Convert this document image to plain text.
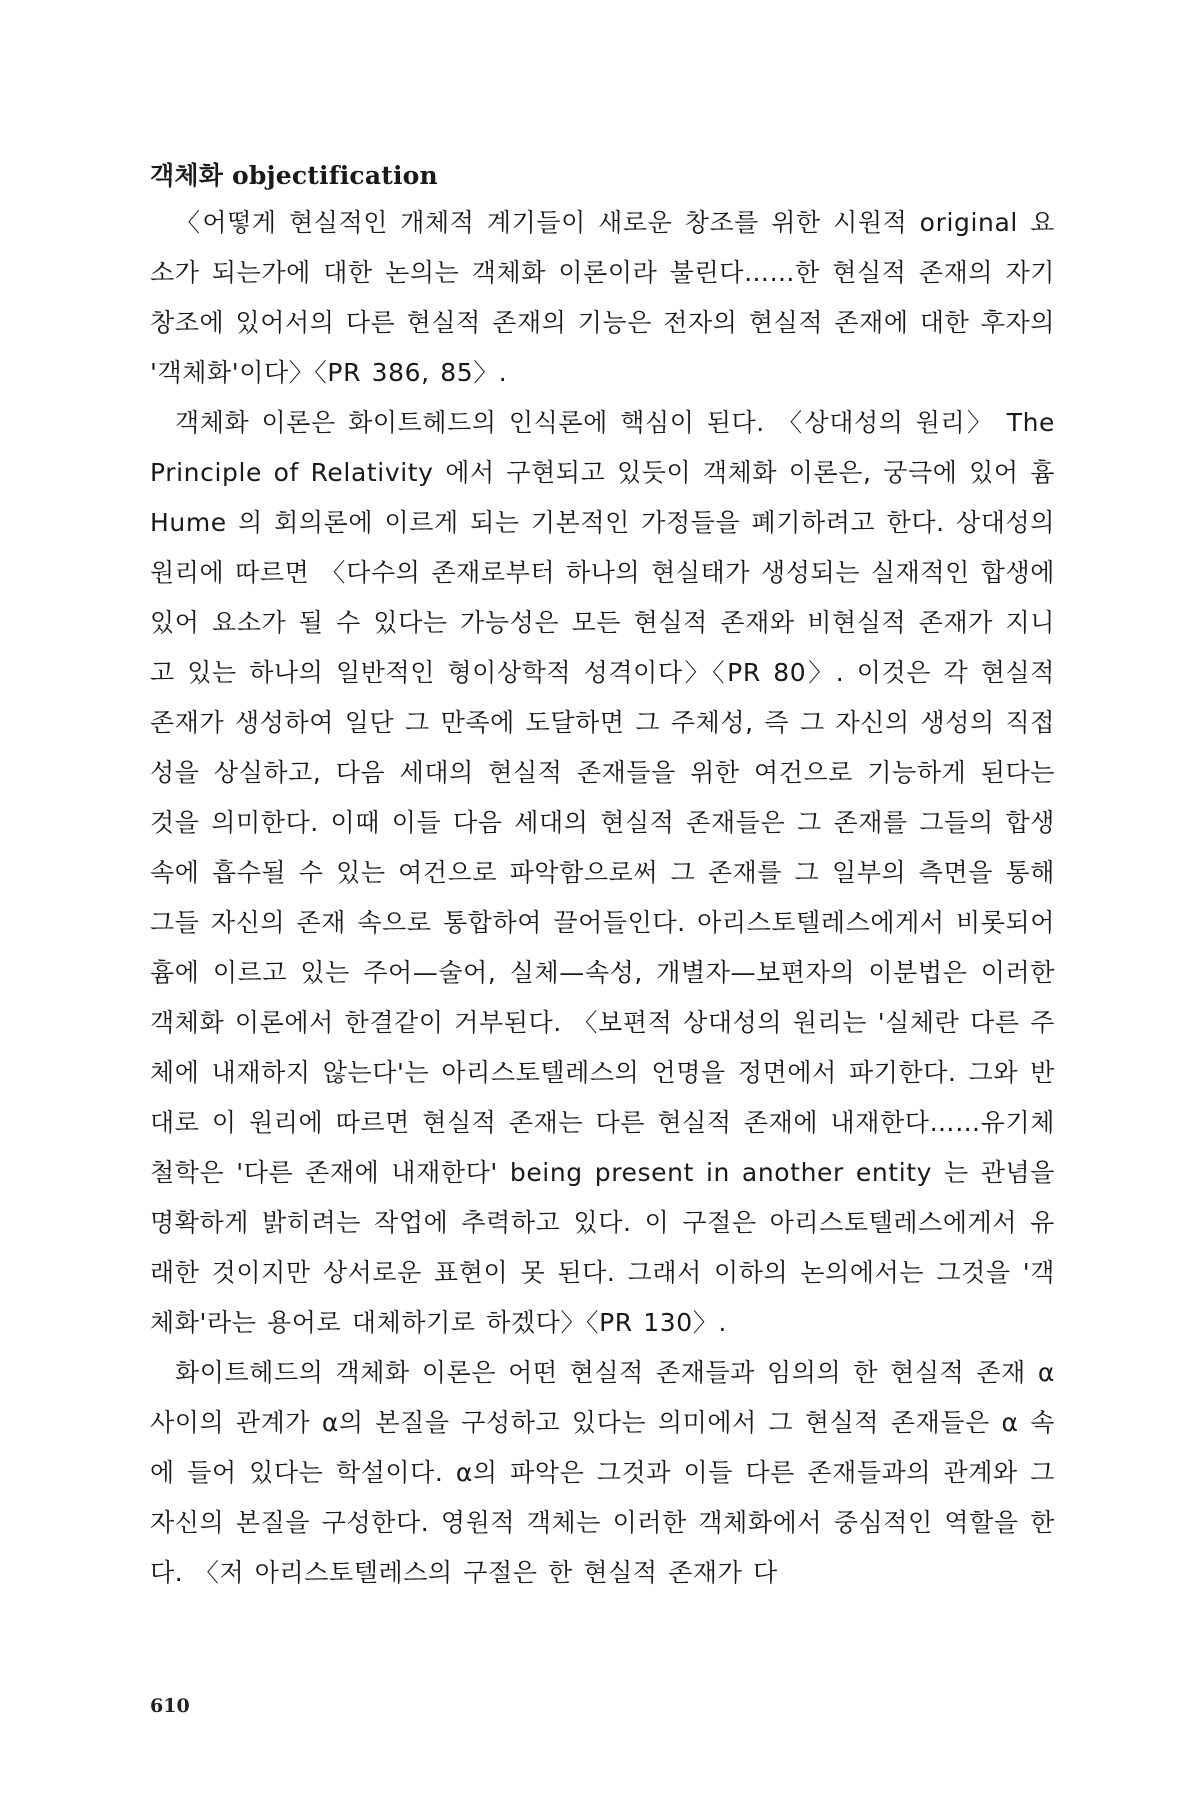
객체화 objectification

〈어떻게 현실적인 개체적 계기들이 새로운 창조를 위한 시원적 original 요소가 되는가에 대한 논의는 객체화 이론이라 불린다……한 현실적 존재의 자기 창조에 있어서의 다른 현실적 존재의 기능은 전자의 현실적 존재에 대한 후자의 '객체화'이다〉〈PR 386, 85〉.

객체화 이론은 화이트헤드의 인식론에 핵심이 된다. 〈상대성의 원리〉 The Principle of Relativity 에서 구현되고 있듯이 객체화 이론은, 궁극에 있어 흄 Hume 의 회의론에 이르게 되는 기본적인 가정들을 폐기하려고 한다. 상대성의 원리에 따르면 〈다수의 존재로부터 하나의 현실태가 생성되는 실재적인 합생에 있어 요소가 될 수 있다는 가능성은 모든 현실적 존재와 비현실적 존재가 지니고 있는 하나의 일반적인 형이상학적 성격이다〉〈PR 80〉. 이것은 각 현실적 존재가 생성하여 일단 그 만족에 도달하면 그 주체성, 즉 그 자신의 생성의 직접성을 상실하고, 다음 세대의 현실적 존재들을 위한 여건으로 기능하게 된다는 것을 의미한다. 이때 이들 다음 세대의 현실적 존재들은 그 존재를 그들의 합생 속에 흡수될 수 있는 여건으로 파악함으로써 그 존재를 그 일부의 측면을 통해 그들 자신의 존재 속으로 통합하여 끌어들인다. 아리스토텔레스에게서 비롯되어 흄에 이르고 있는 주어—술어, 실체—속성, 개별자—보편자의 이분법은 이러한 객체화 이론에서 한결같이 거부된다. 〈보편적 상대성의 원리는 '실체란 다른 주체에 내재하지 않는다'는 아리스토텔레스의 언명을 정면에서 파기한다. 그와 반대로 이 원리에 따르면 현실적 존재는 다른 현실적 존재에 내재한다……유기체 철학은 '다른 존재에 내재한다' being present in another entity 는 관념을 명확하게 밝히려는 작업에 추력하고 있다. 이 구절은 아리스토텔레스에게서 유래한 것이지만 상서로운 표현이 못 된다. 그래서 이하의 논의에서는 그것을 '객체화'라는 용어로 대체하기로 하겠다〉〈PR 130〉.

화이트헤드의 객체화 이론은 어떤 현실적 존재들과 임의의 한 현실적 존재 α 사이의 관계가 α의 본질을 구성하고 있다는 의미에서 그 현실적 존재들은 α 속에 들어 있다는 학설이다. α의 파악은 그것과 이들 다른 존재들과의 관계와 그 자신의 본질을 구성한다. 영원적 객체는 이러한 객체화에서 중심적인 역할을 한다. 〈저 아리스토텔레스의 구절은 한 현실적 존재가 다

610
